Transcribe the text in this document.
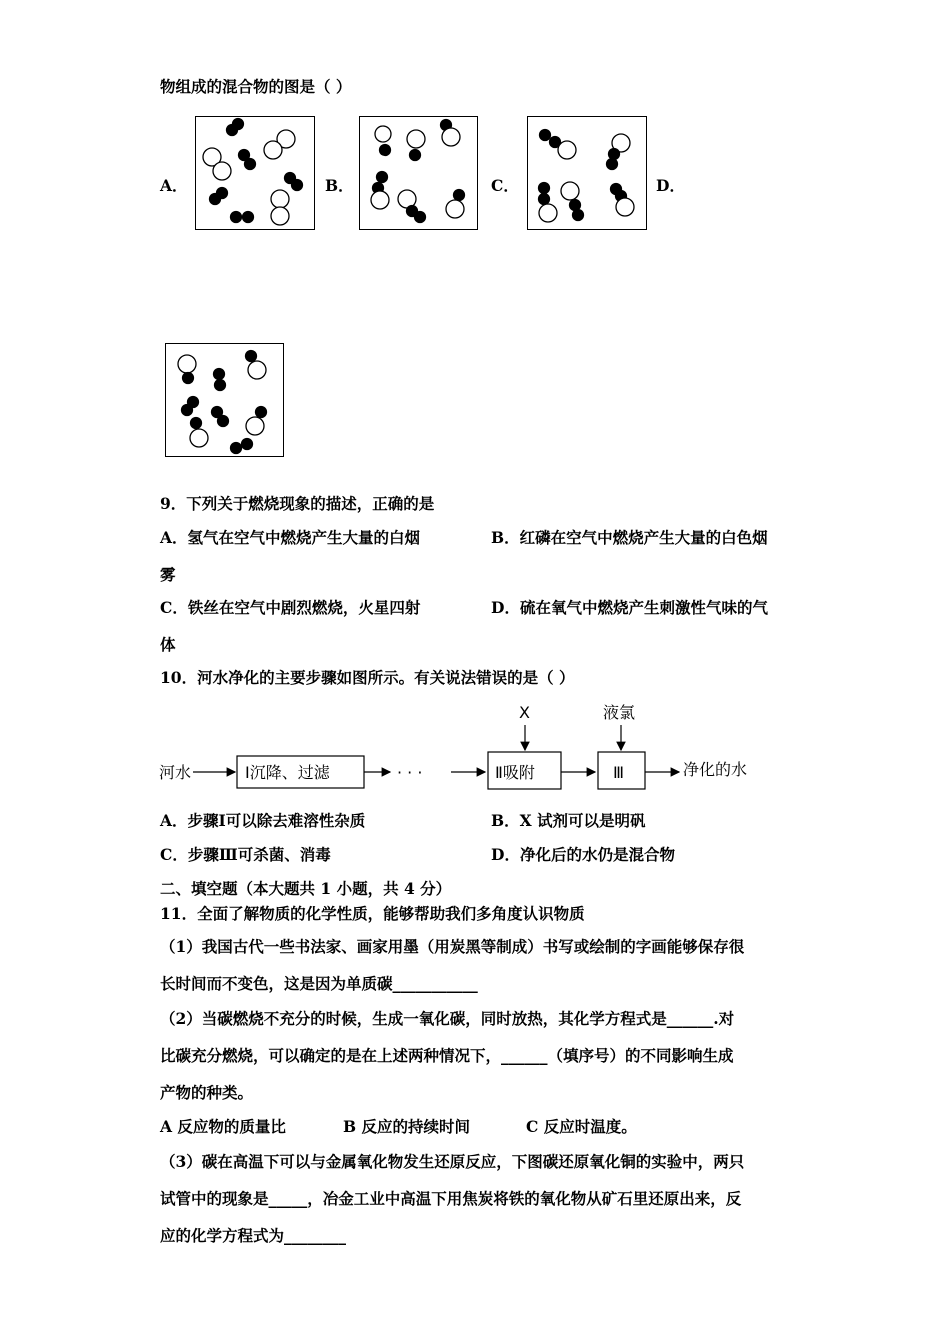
物组成的混合物的图是（ ）
A．	B．	C．	D．
9．下列关于燃烧现象的描述，正确的是
A．氢气在空气中燃烧产生大量的白烟	B．红磷在空气中燃烧产生大量的白色烟
雾
C．铁丝在空气中剧烈燃烧，火星四射	D．硫在氧气中燃烧产生刺激性气味的气
体
10．河水净化的主要步骤如图所示。有关说法错误的是（ ）
河水	Ⅰ沉降、过滤	· · ·	Ⅱ吸附
X
Ⅲ
液氯
净化的水
A．步骤Ⅰ可以除去难溶性杂质	B．X 试剂可以是明矾
C．步骤Ⅲ可杀菌、消毒	D．净化后的水仍是混合物
二、填空题（本大题共 1 小题，共 4 分）
11．全面了解物质的化学性质，能够帮助我们多角度认识物质
（1）我国古代一些书法家、画家用墨（用炭黑等制成）书写或绘制的字画能够保存很
长时间而不变色，这是因为单质碳___________
（2）当碳燃烧不充分的时候，生成一氧化碳，同时放热，其化学方程式是______.对
比碳充分燃烧，可以确定的是在上述两种情况下，______（填序号）的不同影响生成
产物的种类。
A 反应物的质量比	B 反应的持续时间	C 反应时温度。
（3）碳在高温下可以与金属氧化物发生还原反应，下图碳还原氧化铜的实验中，两只
试管中的现象是_____，冶金工业中高温下用焦炭将铁的氧化物从矿石里还原出来，反
应的化学方程式为________
